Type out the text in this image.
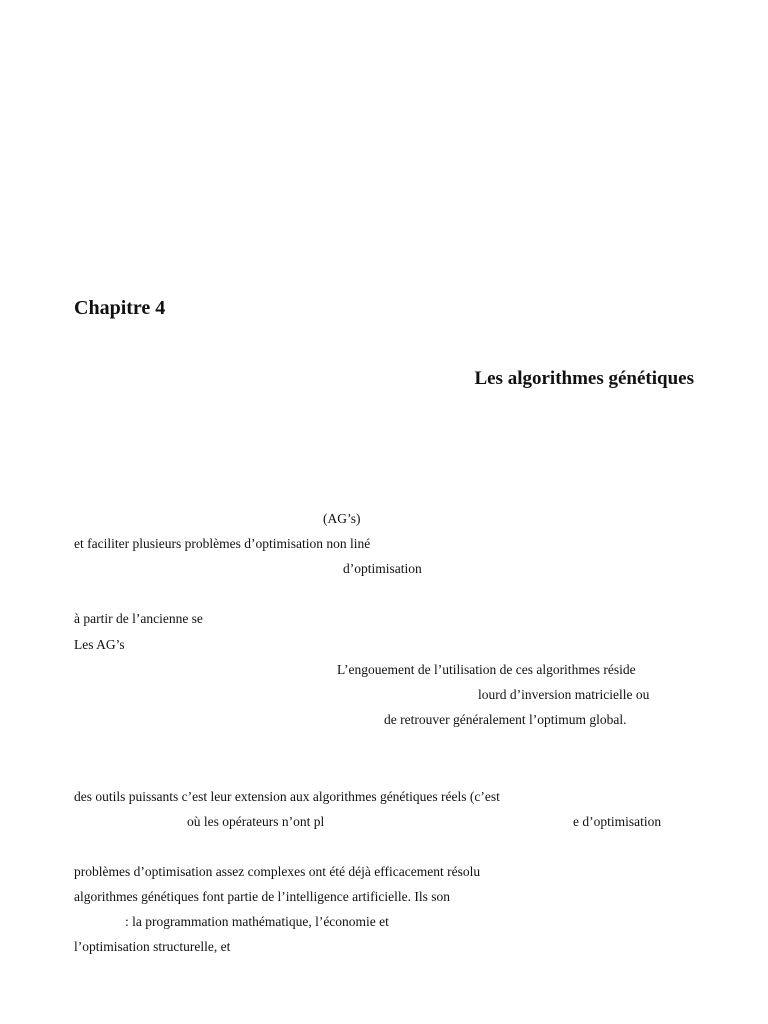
Chapitre 4
Les algorithmes génétiques
(AG’s)
et faciliter plusieurs problèmes d’optimisation non liné
d’optimisation
à partir de l’ancienne se
Les AG’s
L’engouement de l’utilisation de ces algorithmes réside
lourd d’inversion matricielle ou
de retrouver généralement l’optimum global.
des outils puissants c’est leur extension aux algorithmes génétiques réels (c’est
où les opérateurs n’ont pl	e d’optimisation
problèmes d’optimisation assez complexes ont été déjà efficacement résolu
algorithmes génétiques font partie de l’intelligence artificielle. Ils son
: la programmation mathématique, l’économie et
l’optimisation structurelle, et
